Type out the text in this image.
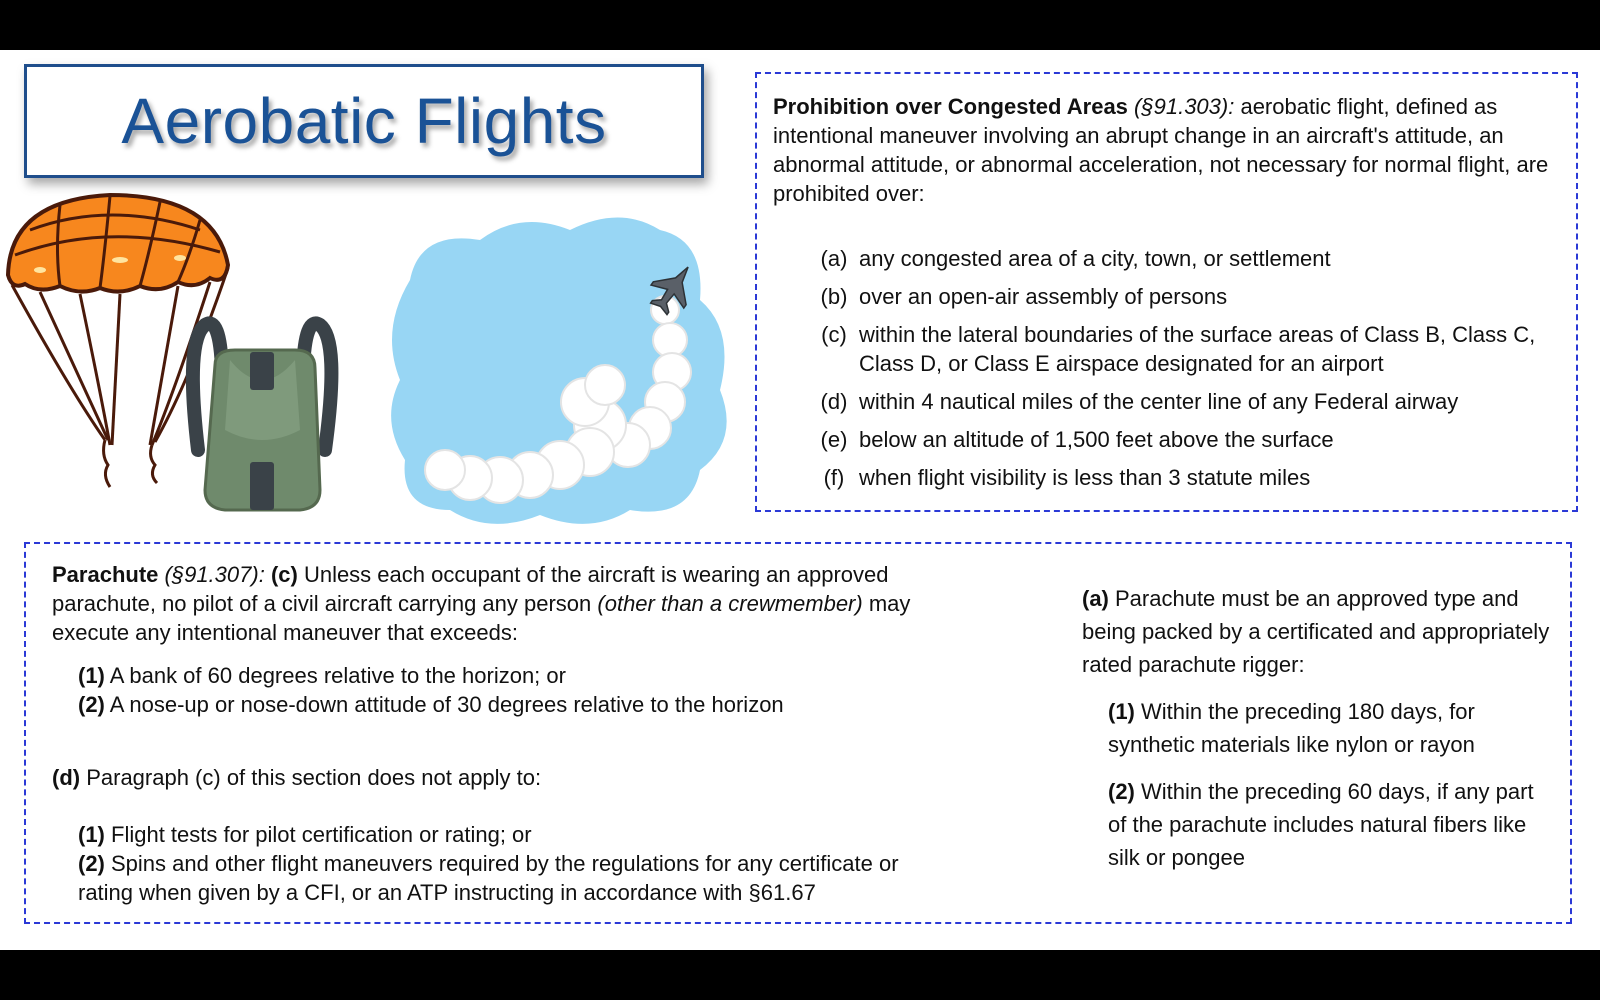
Aerobatic Flights	Prohibition over Congested Areas (§91.303): aerobatic flight, defined as intentional maneuver involving an abrupt change in an aircraft's attitude, an abnormal attitude, or abnormal acceleration, not necessary for normal flight, are prohibited over:

(a) any congested area of a city, town, or settlement
(b) over an open-air assembly of persons
(c) within the lateral boundaries of the surface areas of Class B, Class C, Class D, or Class E airspace designated for an airport
(d) within 4 nautical miles of the center line of any Federal airway
(e) below an altitude of 1,500 feet above the surface
(f) when flight visibility is less than 3 statute miles

Parachute (§91.307): (c) Unless each occupant of the aircraft is wearing an approved parachute, no pilot of a civil aircraft carrying any person (other than a crewmember) may execute any intentional maneuver that exceeds:

(1) A bank of 60 degrees relative to the horizon; or

(2) A nose-up or nose-down attitude of 30 degrees relative to the horizon

(d) Paragraph (c) of this section does not apply to:

(1) Flight tests for pilot certification or rating; or

(2) Spins and other flight maneuvers required by the regulations for any certificate or rating when given by a CFI, or an ATP instructing in accordance with §61.67

(a) Parachute must be an approved type and being packed by a certificated and appropriately rated parachute rigger:

(1) Within the preceding 180 days, for synthetic materials like nylon or rayon

(2) Within the preceding 60 days, if any part of the parachute includes natural fibers like silk or pongee
